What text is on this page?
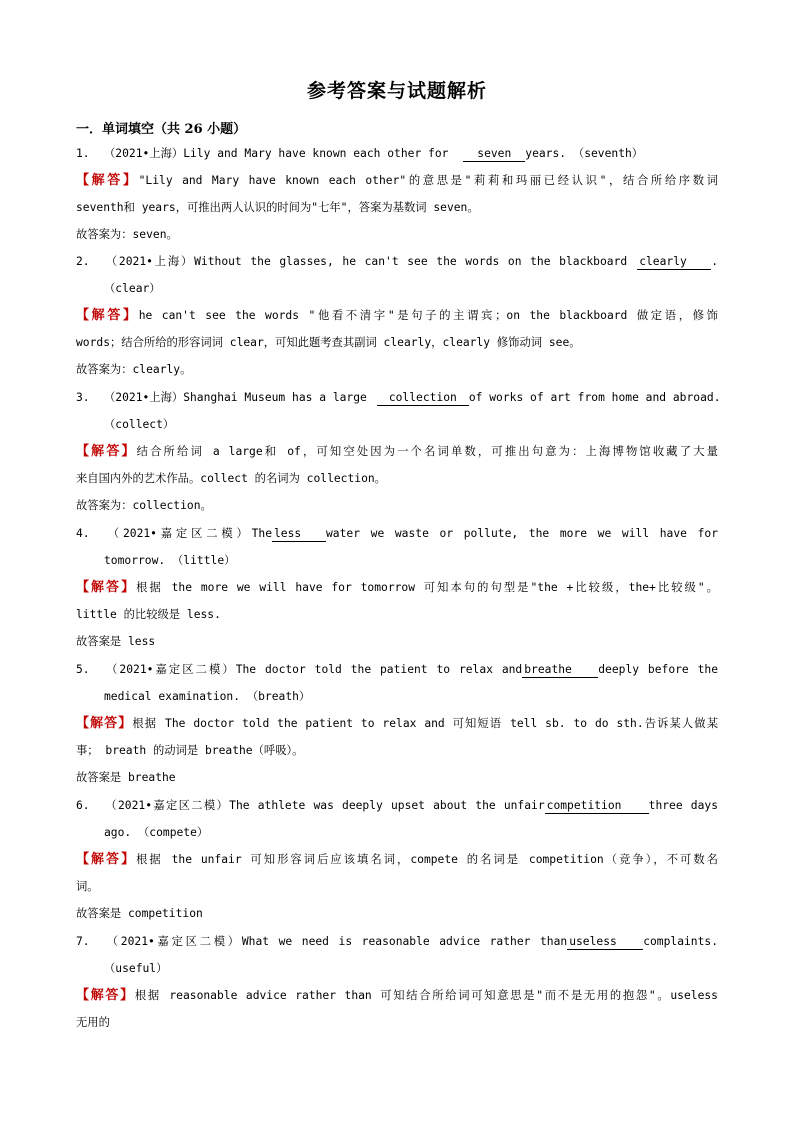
参考答案与试题解析
一．单词填空（共 26 小题）
1. （2021•上海）Lily and Mary have known each other for	seven years. （seventh）
【解答】"Lily and Mary have known each other"的意思是"莉莉和玛丽已经认识"，结合所给序数词
seventh和 years，可推出两人认识的时间为"七年"，答案为基数词 seven。
故答案为：seven。
2. （2021•上海）Without the glasses, he can't see the words on the blackboard clearly .
（clear）
【解答】he can't see the words "他看不清字"是句子的主谓宾；on the blackboard 做定语，修饰
words；结合所给的形容词词 clear，可知此题考查其副词 clearly，clearly 修饰动词 see。
故答案为：clearly。
3. （2021•上海）Shanghai Museum has a large collection of works of art from home and abroad.
（collect）
【解答】结合所给词 a large和 of，可知空处因为一个名词单数，可推出句意为：上海博物馆收藏了大量
来自国内外的艺术作品。collect 的名词为 collection。
故答案为：collection。
4. （2021•嘉定区二模）The less water we waste or pollute, the more we will have for
tomorrow. （little）
【解答】根据 the more we will have for tomorrow 可知本句的句型是"the +比较级，the+比较级"。
little 的比较级是 less.
故答案是 less
5. （2021•嘉定区二模）The doctor told the patient to relax and breathe deeply before the
medical examination. （breath）
【解答】根据 The doctor told the patient to relax and 可知短语 tell sb. to do sth.告诉某人做某
事； breath 的动词是 breathe（呼吸）。
故答案是 breathe
6. （2021•嘉定区二模）The athlete was deeply upset about the unfair competition three days
ago. （compete）
【解答】根据 the unfair 可知形容词后应该填名词，compete 的名词是 competition（竞争），不可数名
词。
故答案是 competition
7. （2021•嘉定区二模）What we need is reasonable advice rather than useless complaints.
（useful）
【解答】根据 reasonable advice rather than 可知结合所给词可知意思是"而不是无用的抱怨"。useless
无用的
